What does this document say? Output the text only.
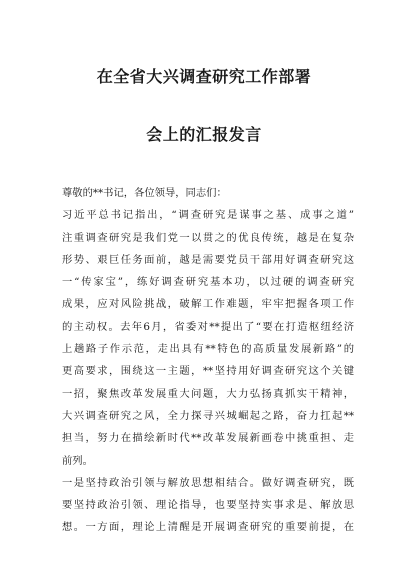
在全省大兴调查研究工作部署
会上的汇报发言
尊敬的**书记，各位领导，同志们：
习近平总书记指出，“调查研究是谋事之基、成事之道”
注重调查研究是我们党一以贯之的优良传统，越是在复杂
形势、艰巨任务面前，越是需要党员干部用好调查研究这
一“传家宝”，练好调查研究基本功，以过硬的调查研究
成果，应对风险挑战，破解工作难题，牢牢把握各项工作
的主动权。去年6月，省委对**提出了“要在打造枢纽经济
上趟路子作示范，走出具有**特色的高质量发展新路”的
更高要求，围绕这一主题，**坚持用好调查研究这个关键
一招，聚焦改革发展重大问题，大力弘扬真抓实干精神，
大兴调查研究之风，全力探寻兴城崛起之路，奋力扛起**
担当，努力在描绘新时代**改革发展新画卷中挑重担、走
前列。
一是坚持政治引领与解放思想相结合。做好调查研究，既
要坚持政治引领、理论指导，也要坚持实事求是、解放思
想。一方面，理论上清醒是开展调查研究的重要前提，在
